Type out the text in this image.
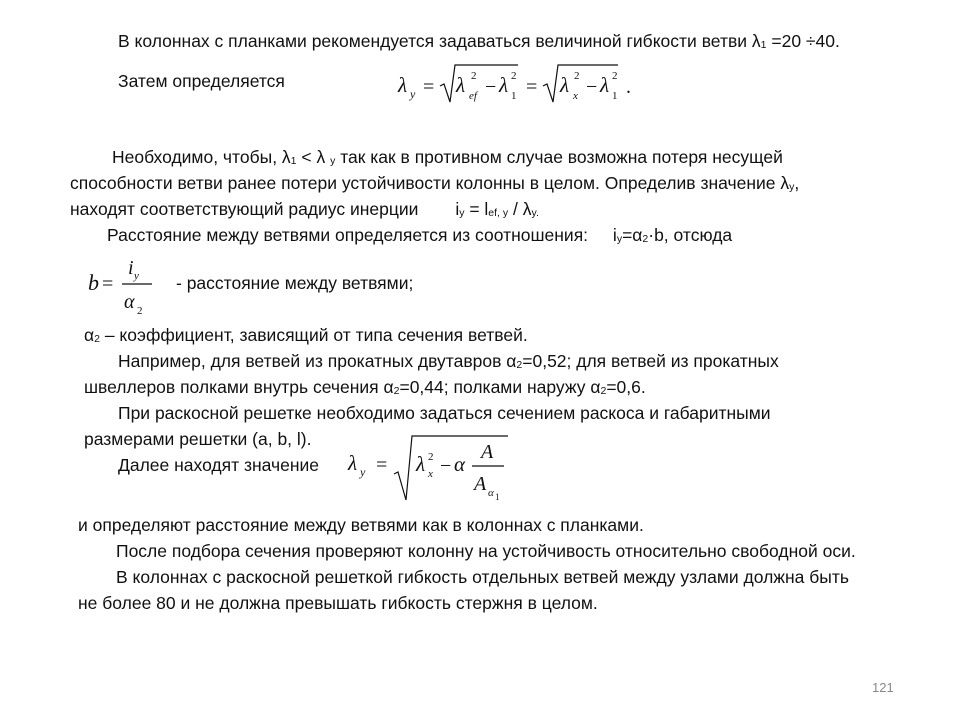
В колоннах с планками рекомендуется задаваться величиной гибкости ветви λ1 =20 ÷40.
Затем определяется	λ y = λ ef
2 − λ 2
1 = λ x
2 − λ 2
1 .
Необходимо, чтобы, λ1 < λ y так как в противном случае возможна потеря несущей
способности ветви ранее потери устойчивости колонны в целом. Определив значение λy,
находят соответствующий радиус инерции iy = lef, y / λy.
Расстояние между ветвями определяется из соотношения: iy=α2·b, отсюда
b =
i y
α 2
- расстояние между ветвями;
α2 – коэффициент, зависящий от типа сечения ветвей.
Например, для ветвей из прокатных двутавров α2=0,52; для ветвей из прокатных
швеллеров полками внутрь сечения α2=0,44; полками наружу α2=0,6.
При раскосной решетке необходимо задаться сечением раскоса и габаритными
размерами решетки (a, b, l).
Далее находят значение λ y = λ x
2 − α A
A α 1
и определяют расстояние между ветвями как в колоннах с планками.
После подбора сечения проверяют колонну на устойчивость относительно свободной оси.
В колоннах с раскосной решеткой гибкость отдельных ветвей между узлами должна быть
не более 80 и не должна превышать гибкость стержня в целом.
121
